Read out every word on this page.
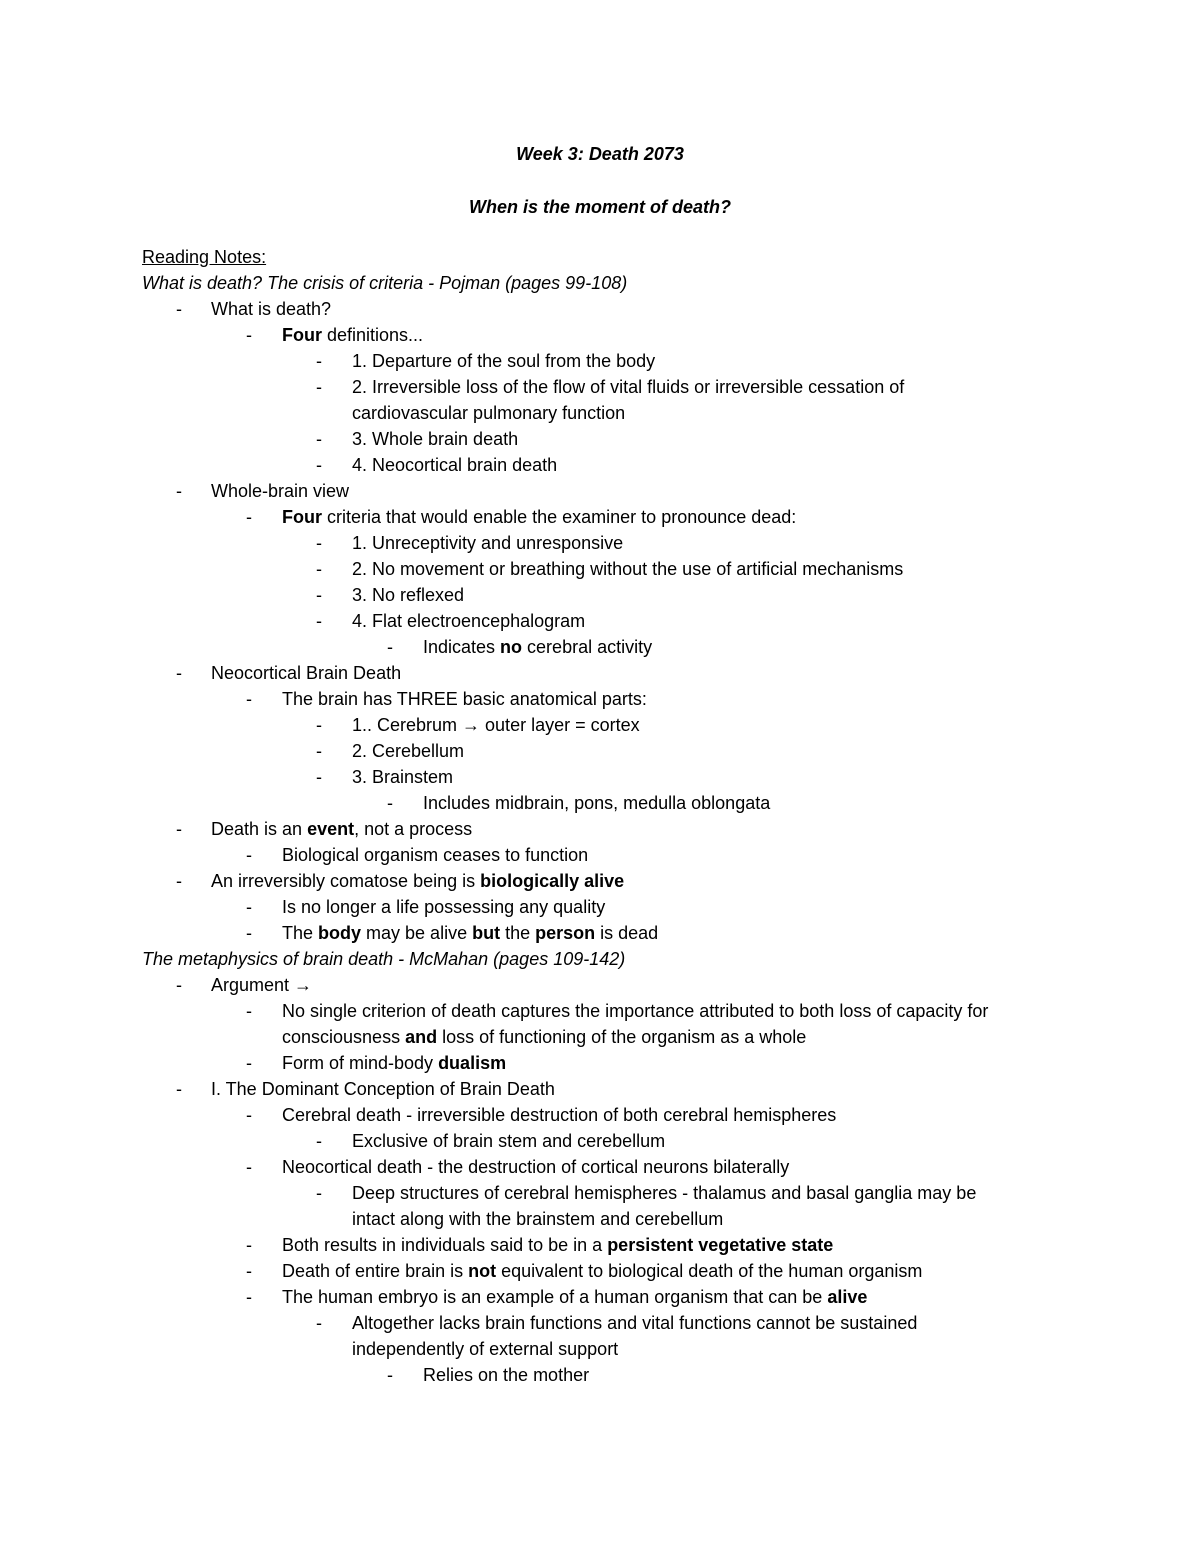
Week 3: Death 2073
When is the moment of death?
Reading Notes:
What is death? The crisis of criteria - Pojman (pages 99-108)
- What is death?
- Four definitions...
- 1. Departure of the soul from the body
- 2. Irreversible loss of the flow of vital fluids or irreversible cessation of
cardiovascular pulmonary function
- 3. Whole brain death
- 4. Neocortical brain death
- Whole-brain view
- Four criteria that would enable the examiner to pronounce dead:
- 1. Unreceptivity and unresponsive
- 2. No movement or breathing without the use of artificial mechanisms
- 3. No reflexed
- 4. Flat electroencephalogram
- Indicates no cerebral activity
- Neocortical Brain Death
- The brain has THREE basic anatomical parts:
- 1.. Cerebrum → outer layer = cortex
- 2. Cerebellum
- 3. Brainstem
- Includes midbrain, pons, medulla oblongata
- Death is an event, not a process
- Biological organism ceases to function
- An irreversibly comatose being is biologically alive
- Is no longer a life possessing any quality
- The body may be alive but the person is dead
The metaphysics of brain death - McMahan (pages 109-142)
- Argument →
- No single criterion of death captures the importance attributed to both loss of capacity for
consciousness and loss of functioning of the organism as a whole
- Form of mind-body dualism
- I. The Dominant Conception of Brain Death
- Cerebral death - irreversible destruction of both cerebral hemispheres
- Exclusive of brain stem and cerebellum
- Neocortical death - the destruction of cortical neurons bilaterally
- Deep structures of cerebral hemispheres - thalamus and basal ganglia may be
intact along with the brainstem and cerebellum
- Both results in individuals said to be in a persistent vegetative state
- Death of entire brain is not equivalent to biological death of the human organism
- The human embryo is an example of a human organism that can be alive
- Altogether lacks brain functions and vital functions cannot be sustained
independently of external support
- Relies on the mother
